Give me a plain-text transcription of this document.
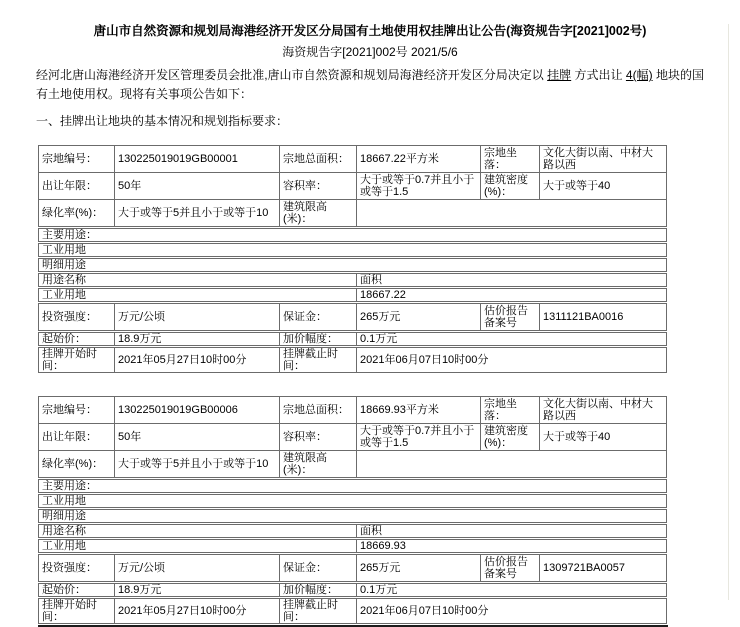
唐山市自然资源和规划局海港经济开发区分局国有土地使用权挂牌出让公告(海资规告字[2021]002号)
海资规告字[2021]002号 2021/5/6
经河北唐山海港经济开发区管理委员会批准,唐山市自然资源和规划局海港经济开发区分局决定以 挂牌 方式出让 4(幅) 地块的国有土地使用权。现将有关事项公告如下：
一、挂牌出让地块的基本情况和规划指标要求：
宗地编号：	130225019019GB00001	宗地总面积：	18667.22平方米	宗地坐落：	文化大街以南、中材大路以西
出让年限：	50年	容积率：	大于或等于0.7并且小于或等于1.5	建筑密度(%)：	大于或等于40
绿化率(%)：	大于或等于5并且小于或等于10	建筑限高(米)：			
主要用途：
工业用地
明细用途
用途名称	面积
工业用地	18667.22
投资强度：	万元/公顷	保证金：	265万元	估价报告备案号	1311121BA0016
起始价：	18.9万元	加价幅度：	0.1万元
挂牌开始时间：	2021年05月27日10时00分	挂牌截止时间：	2021年06月07日10时00分
宗地编号：	130225019019GB00006	宗地总面积：	18669.93平方米	宗地坐落：	文化大街以南、中材大路以西
出让年限：	50年	容积率：	大于或等于0.7并且小于或等于1.5	建筑密度(%)：	大于或等于40
绿化率(%)：	大于或等于5并且小于或等于10	建筑限高(米)：			
主要用途：
工业用地
明细用途
用途名称	面积
工业用地	18669.93
投资强度：	万元/公顷	保证金：	265万元	估价报告备案号	1309721BA0057
起始价：	18.9万元	加价幅度：	0.1万元
挂牌开始时间：	2021年05月27日10时00分	挂牌截止时间：	2021年06月07日10时00分
